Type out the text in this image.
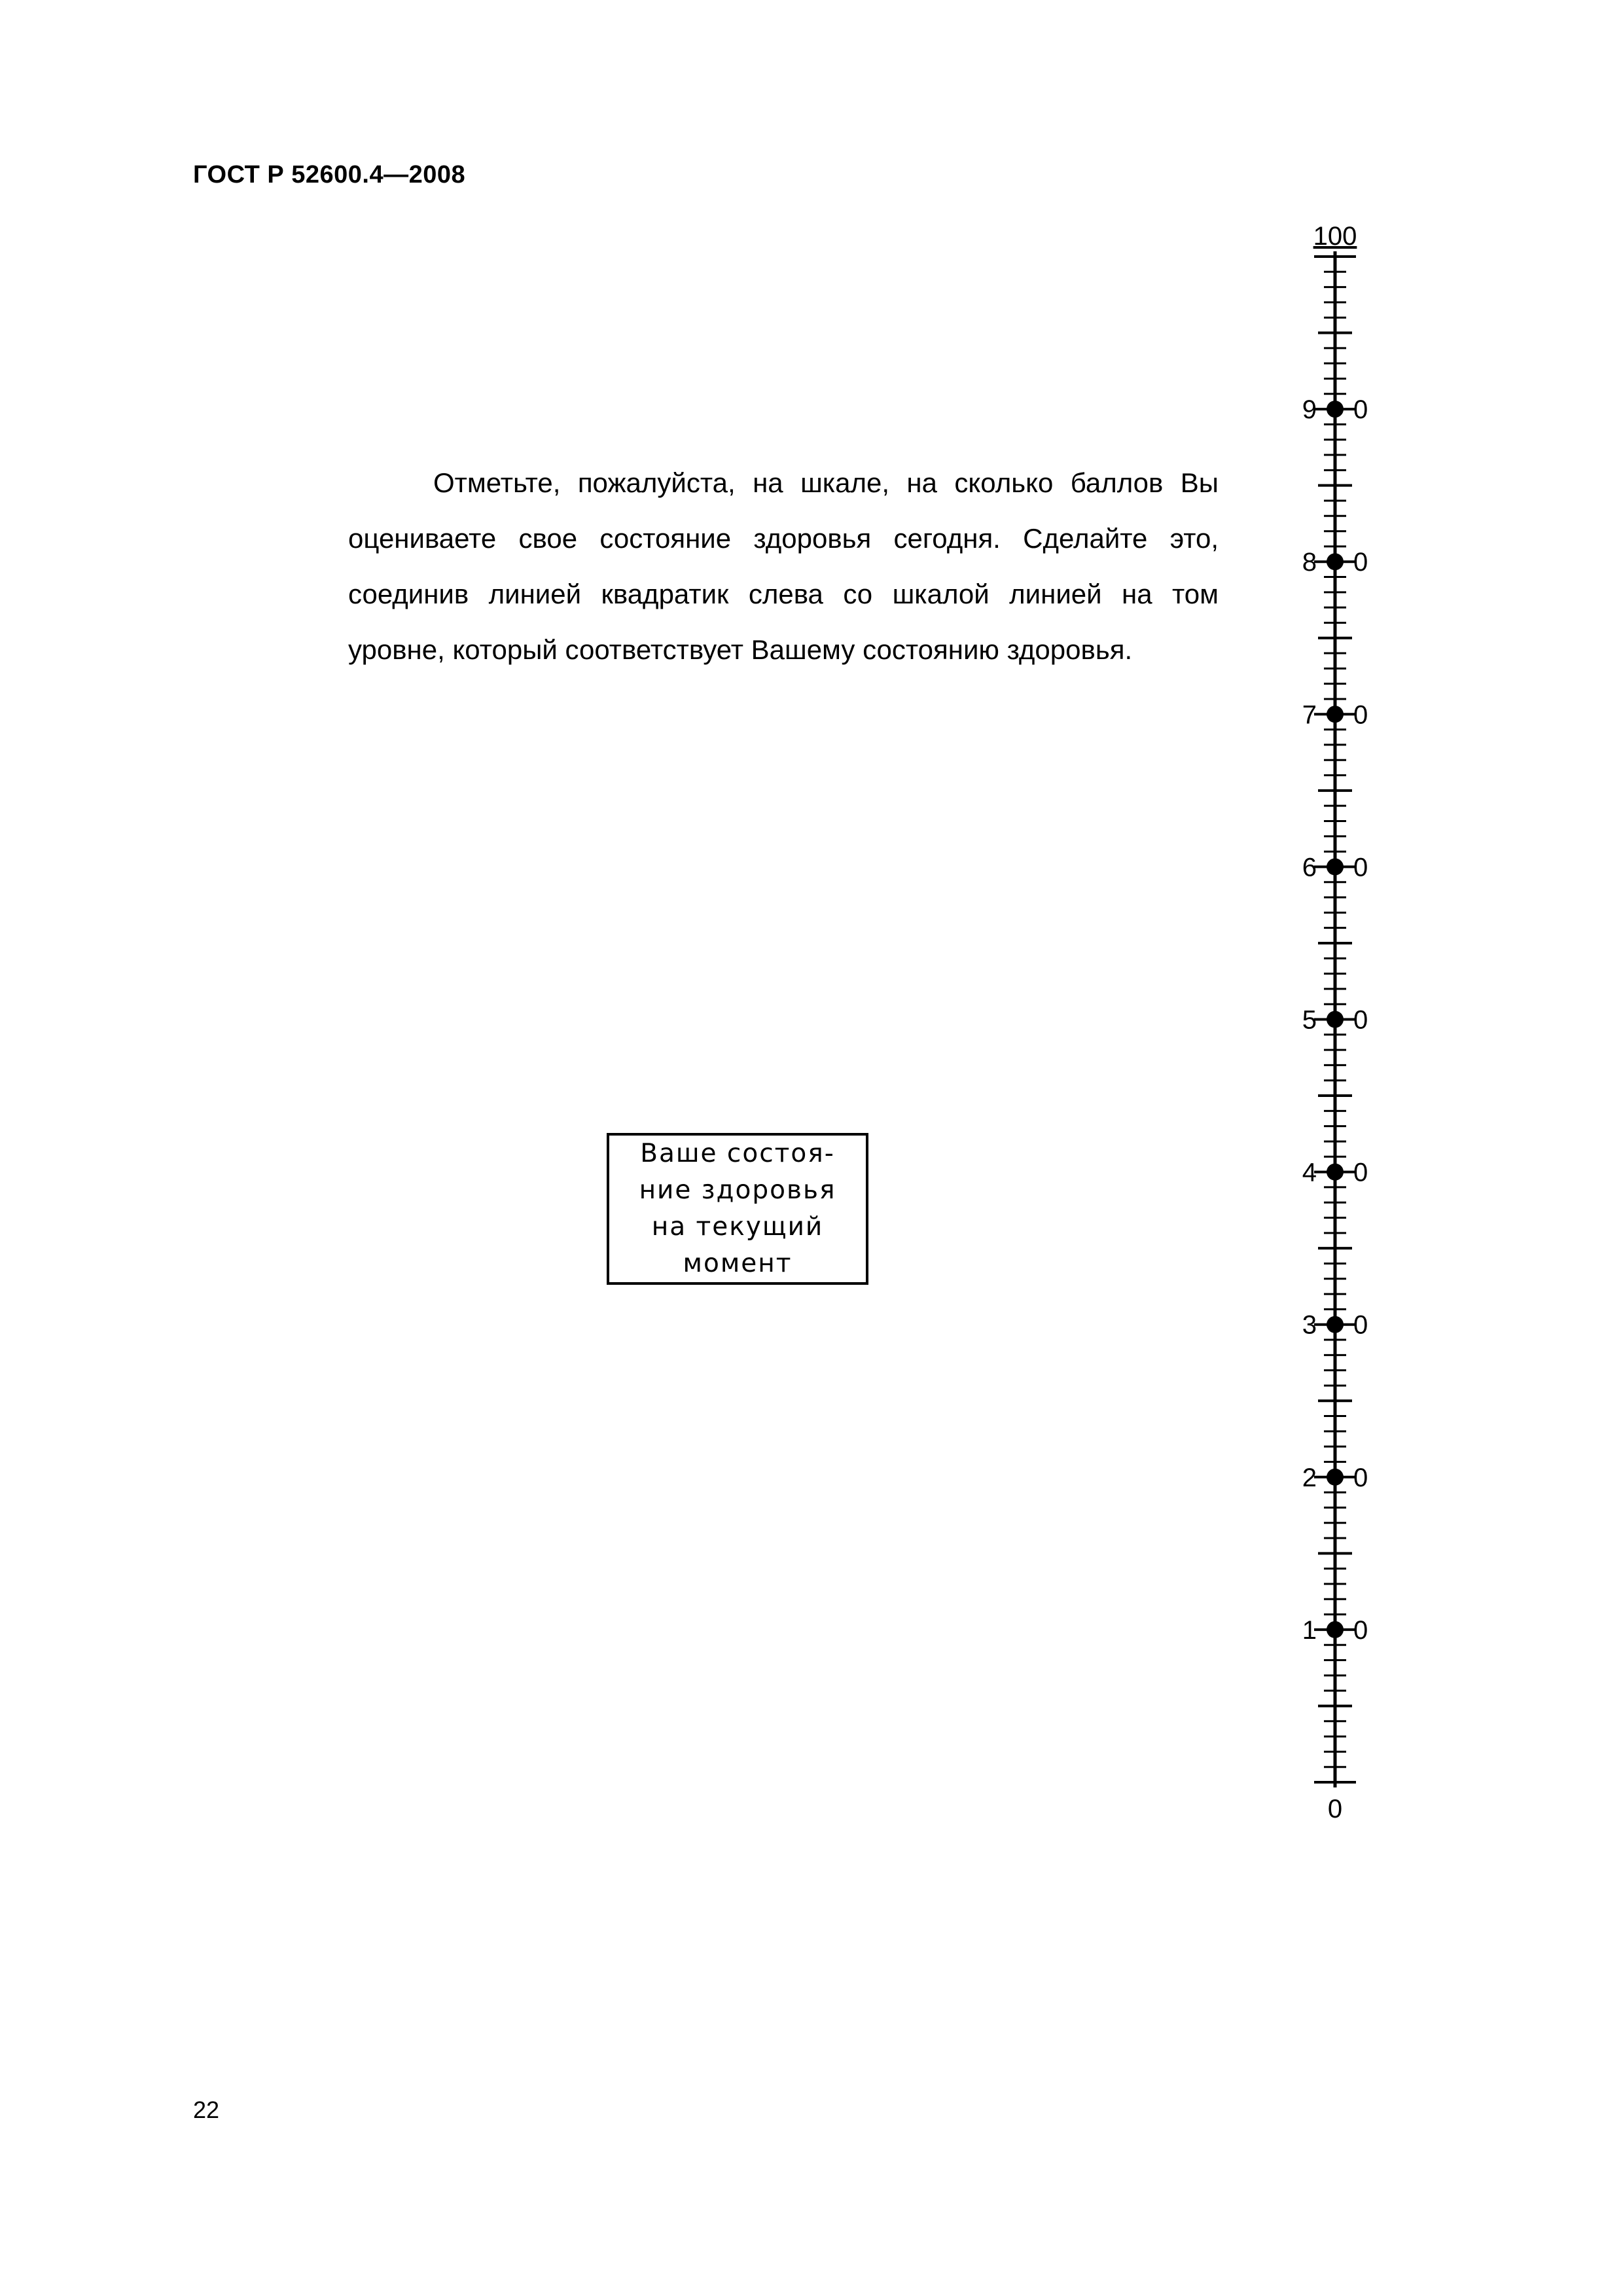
ГОСТ Р 52600.4—2008

Отметьте, пожалуйста, на шкале, на сколько баллов Вы оцениваете свое состояние здоровья сегодня. Сделайте это, соединив линией квадратик слева со шкалой линией на том уровне, который соответствует Вашему состоянию здоровья.

Ваше состоя-
ние здоровья
на текущий
момент
100
0
9 0
8 0
7 0
6 0
5 0
4 0
3 0
2 0
1 0
22
